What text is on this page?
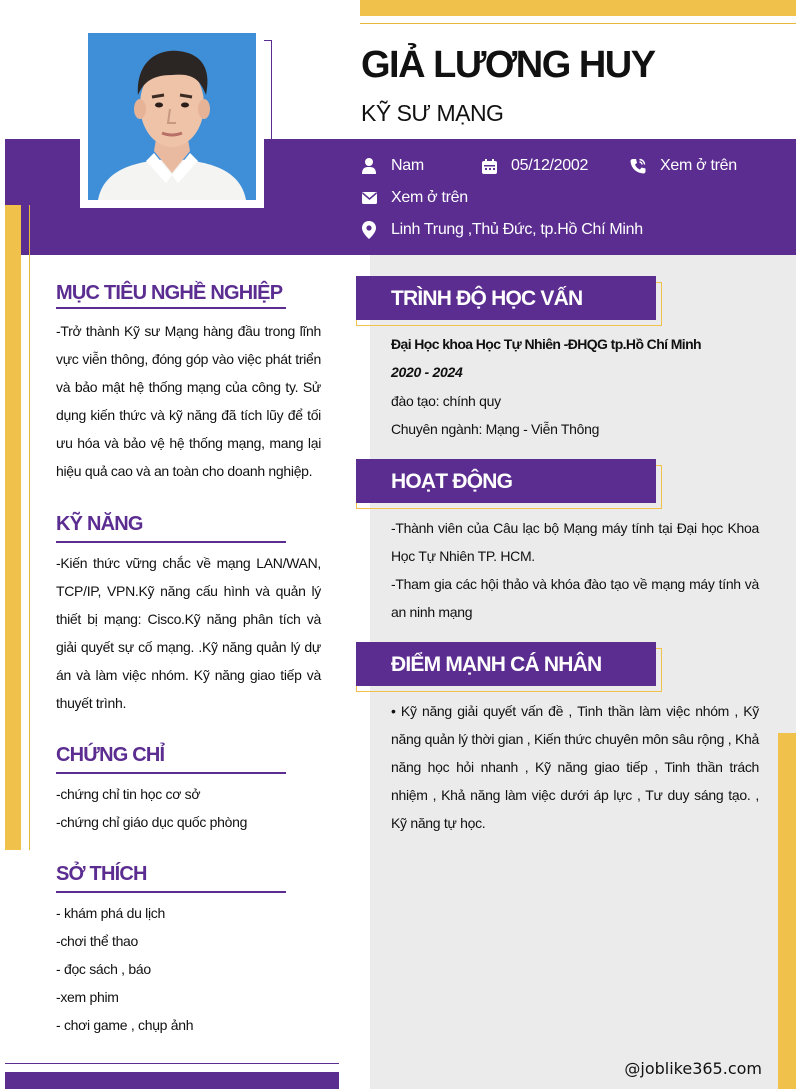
GIẢ LƯƠNG HUY
KỸ SƯ MẠNG
Nam	05/12/2002	Xem ở trên
Xem ở trên
Linh Trung ,Thủ Đức, tp.Hồ Chí Minh
MỤC TIÊU NGHỀ NGHIỆP
-Trở thành Kỹ sư Mạng hàng đầu trong lĩnh vực viễn thông, đóng góp vào việc phát triển và bảo mật hệ thống mạng của công ty. Sử dụng kiến thức và kỹ năng đã tích lũy để tối ưu hóa và bảo vệ hệ thống mạng, mang lại hiệu quả cao và an toàn cho doanh nghiệp.
KỸ NĂNG
-Kiến thức vững chắc về mạng LAN/WAN, TCP/IP, VPN.Kỹ năng cấu hình và quản lý thiết bị mạng: Cisco.Kỹ năng phân tích và giải quyết sự cố mạng. .Kỹ năng quản lý dự án và làm việc nhóm. Kỹ năng giao tiếp và thuyết trình.
CHỨNG CHỈ
-chứng chỉ tin học cơ sở
-chứng chỉ giáo dục quốc phòng
SỞ THÍCH
- khám phá du lịch
-chơi thể thao
- đọc sách , báo
-xem phim
- chơi game , chụp ảnh
TRÌNH ĐỘ HỌC VẤN
Đại Học khoa Học Tự Nhiên -ĐHQG tp.Hồ Chí Minh
2020 - 2024
đào tạo: chính quy
Chuyên ngành: Mạng - Viễn Thông
HOẠT ĐỘNG
-Thành viên của Câu lạc bộ Mạng máy tính tại Đại học Khoa Học Tự Nhiên TP. HCM.
-Tham gia các hội thảo và khóa đào tạo về mạng máy tính và an ninh mạng
ĐIỂM MẠNH CÁ NHÂN
• Kỹ năng giải quyết vấn đề , Tinh thần làm việc nhóm , Kỹ năng quản lý thời gian , Kiến thức chuyên môn sâu rộng , Khả năng học hỏi nhanh , Kỹ năng giao tiếp , Tinh thần trách nhiệm , Khả năng làm việc dưới áp lực , Tư duy sáng tạo. , Kỹ năng tự học.
@joblike365.com
